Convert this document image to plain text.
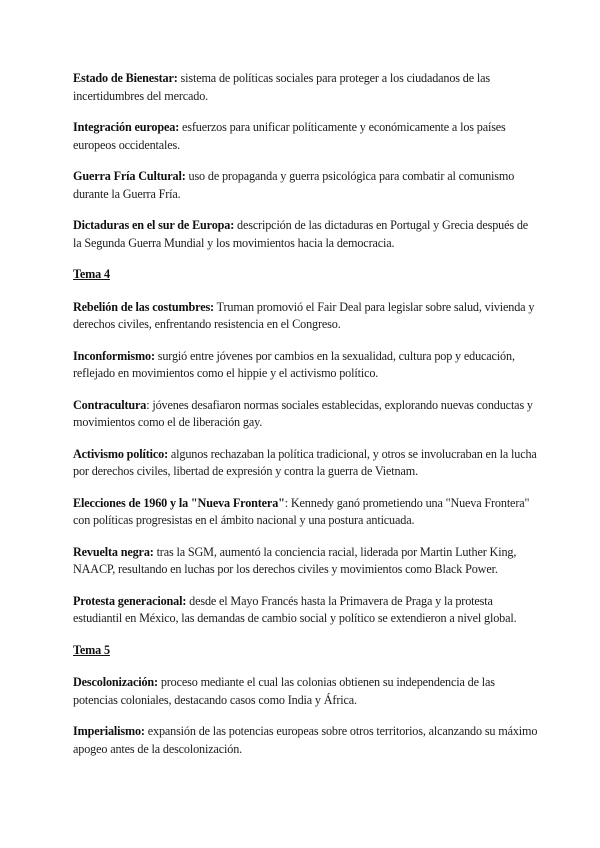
Estado de Bienestar: sistema de políticas sociales para proteger a los ciudadanos de las incertidumbres del mercado.

Integración europea: esfuerzos para unificar políticamente y económicamente a los países europeos occidentales.

Guerra Fría Cultural: uso de propaganda y guerra psicológica para combatir al comunismo durante la Guerra Fría.

Dictaduras en el sur de Europa: descripción de las dictaduras en Portugal y Grecia después de la Segunda Guerra Mundial y los movimientos hacia la democracia.

Tema 4

Rebelión de las costumbres: Truman promovió el Fair Deal para legislar sobre salud, vivienda y derechos civiles, enfrentando resistencia en el Congreso.

Inconformismo: surgió entre jóvenes por cambios en la sexualidad, cultura pop y educación, reflejado en movimientos como el hippie y el activismo político.

Contracultura: jóvenes desafiaron normas sociales establecidas, explorando nuevas conductas y movimientos como el de liberación gay.

Activismo político: algunos rechazaban la política tradicional, y otros se involucraban en la lucha por derechos civiles, libertad de expresión y contra la guerra de Vietnam.

Elecciones de 1960 y la "Nueva Frontera": Kennedy ganó prometiendo una "Nueva Frontera" con políticas progresistas en el ámbito nacional y una postura anticuada.

Revuelta negra: tras la SGM, aumentó la conciencia racial, liderada por Martin Luther King, NAACP, resultando en luchas por los derechos civiles y movimientos como Black Power.

Protesta generacional: desde el Mayo Francés hasta la Primavera de Praga y la protesta estudiantil en México, las demandas de cambio social y político se extendieron a nivel global.

Tema 5

Descolonización: proceso mediante el cual las colonias obtienen su independencia de las potencias coloniales, destacando casos como India y África.

Imperialismo: expansión de las potencias europeas sobre otros territorios, alcanzando su máximo apogeo antes de la descolonización.
